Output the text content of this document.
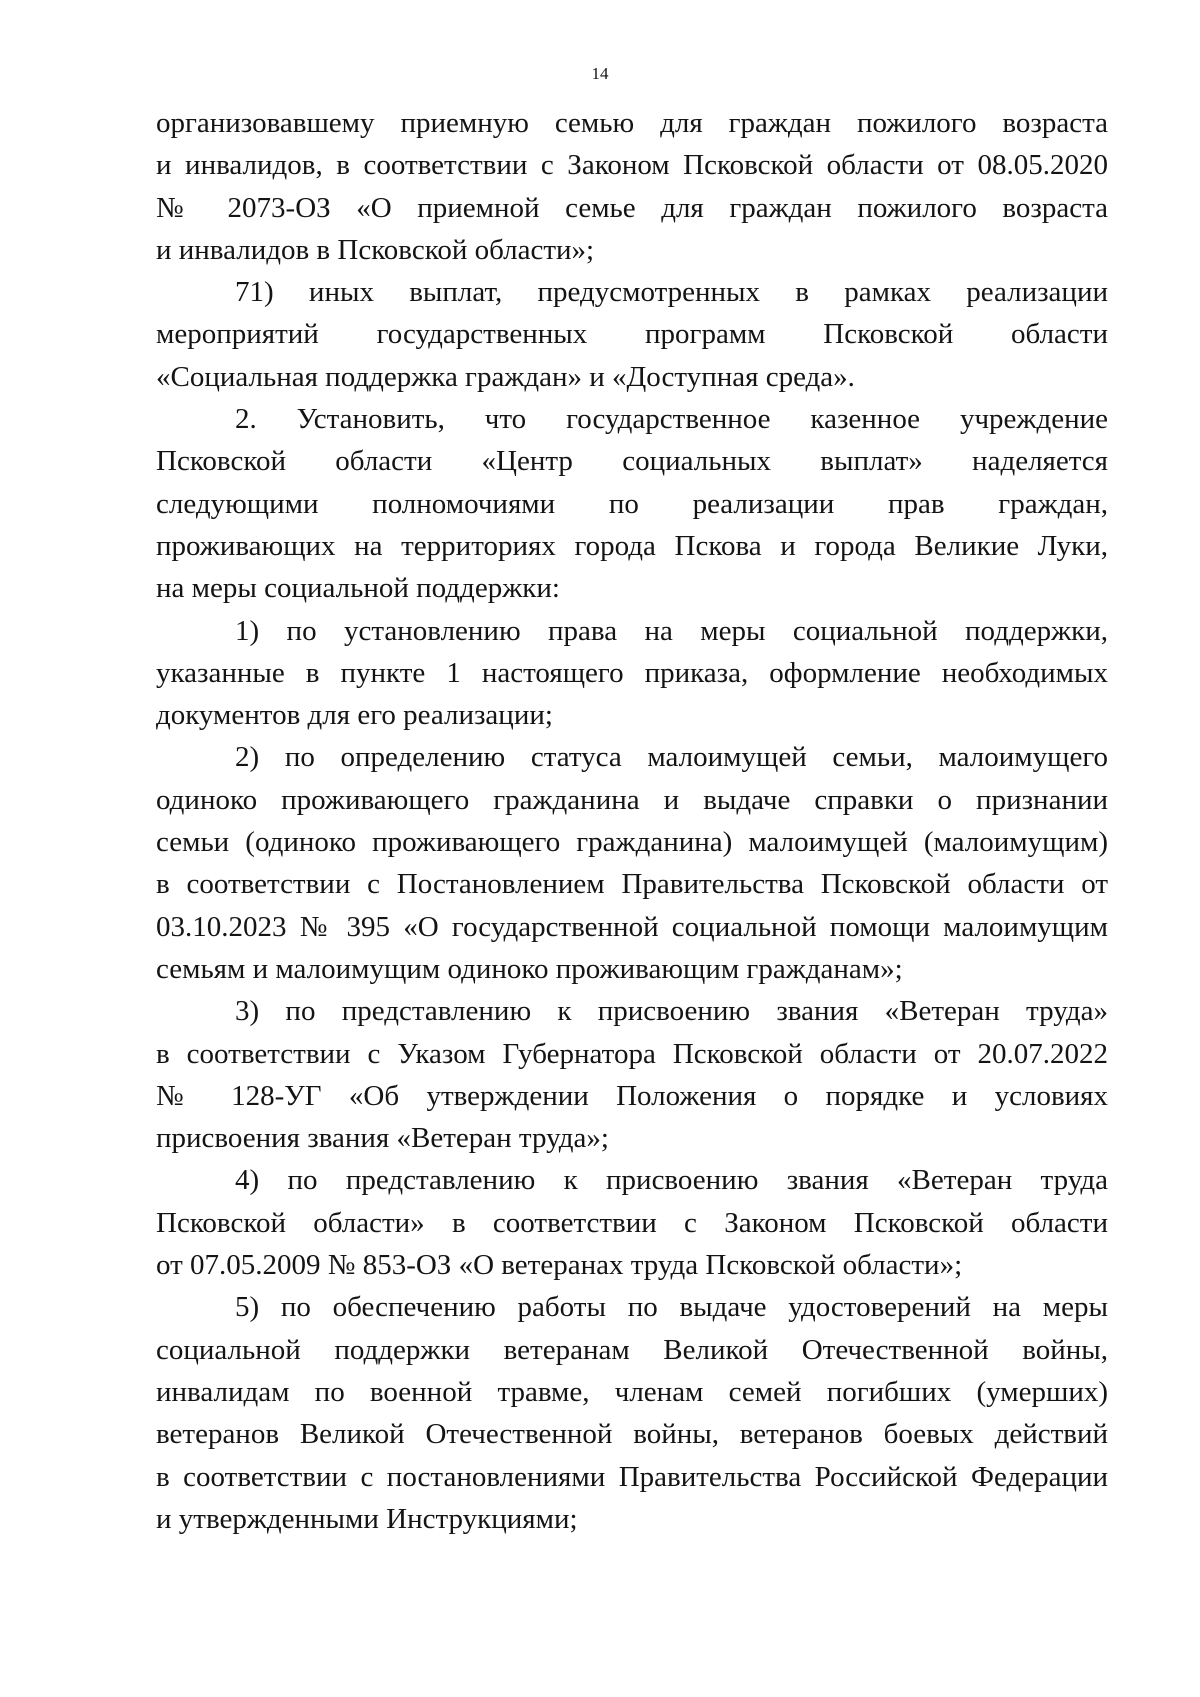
14
организовавшему приемную семью для граждан пожилого возраста
и инвалидов, в соответствии с Законом Псковской области от 08.05.2020
№ 2073-ОЗ «О приемной семье для граждан пожилого возраста
и инвалидов в Псковской области»;
71) иных выплат, предусмотренных в рамках реализации
мероприятий государственных программ Псковской области
«Социальная поддержка граждан» и «Доступная среда».
2. Установить, что государственное казенное учреждение
Псковской области «Центр социальных выплат» наделяется
следующими полномочиями по реализации прав граждан,
проживающих на территориях города Пскова и города Великие Луки,
на меры социальной поддержки:
1) по установлению права на меры социальной поддержки,
указанные в пункте 1 настоящего приказа, оформление необходимых
документов для его реализации;
2) по определению статуса малоимущей семьи, малоимущего
одиноко проживающего гражданина и выдаче справки о признании
семьи (одиноко проживающего гражданина) малоимущей (малоимущим)
в соответствии с Постановлением Правительства Псковской области от
03.10.2023 № 395 «О государственной социальной помощи малоимущим
семьям и малоимущим одиноко проживающим гражданам»;
3) по представлению к присвоению звания «Ветеран труда»
в соответствии с Указом Губернатора Псковской области от 20.07.2022
№ 128-УГ «Об утверждении Положения о порядке и условиях
присвоения звания «Ветеран труда»;
4) по представлению к присвоению звания «Ветеран труда
Псковской области» в соответствии с Законом Псковской области
от 07.05.2009 № 853-ОЗ «О ветеранах труда Псковской области»;
5) по обеспечению работы по выдаче удостоверений на меры
социальной поддержки ветеранам Великой Отечественной войны,
инвалидам по военной травме, членам семей погибших (умерших)
ветеранов Великой Отечественной войны, ветеранов боевых действий
в соответствии с постановлениями Правительства Российской Федерации
и утвержденными Инструкциями;
